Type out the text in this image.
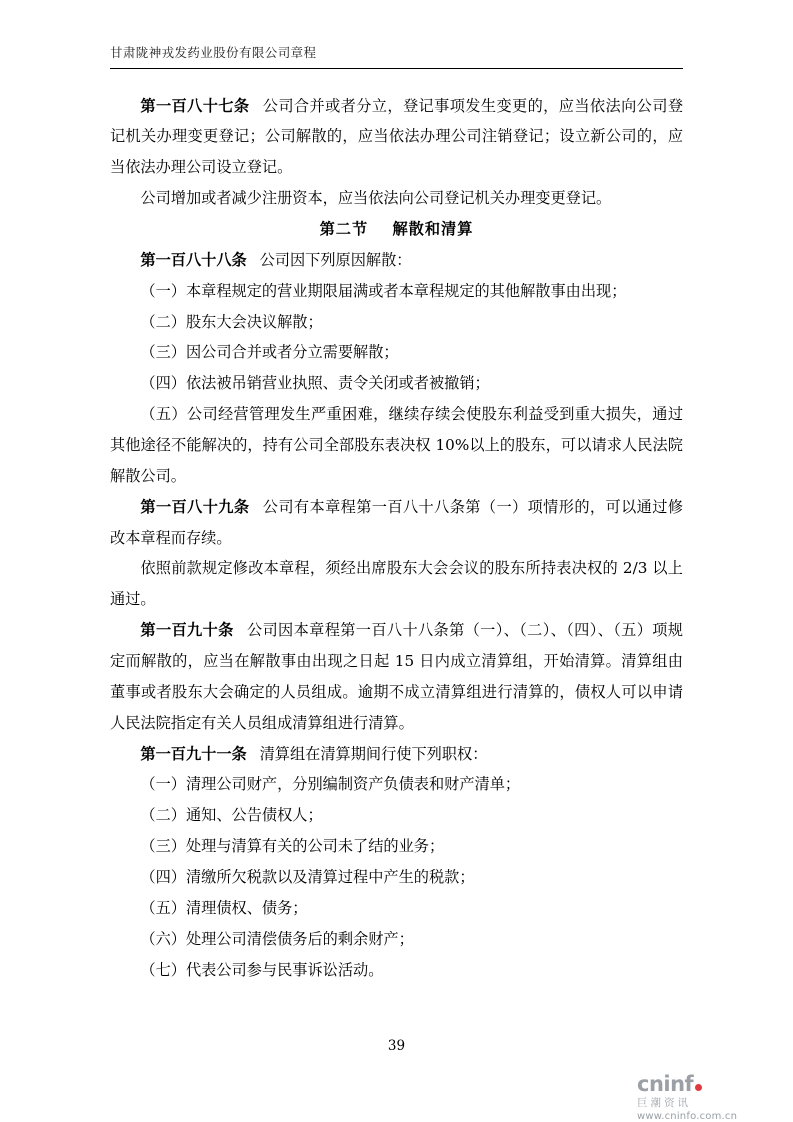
甘肃陇神戎发药业股份有限公司章程

第一百八十七条 公司合并或者分立，登记事项发生变更的，应当依法向公司登记机关办理变更登记；公司解散的，应当依法办理公司注销登记；设立新公司的，应当依法办理公司设立登记。

公司增加或者减少注册资本，应当依法向公司登记机关办理变更登记。

第二节 解散和清算

第一百八十八条 公司因下列原因解散：

（一）本章程规定的营业期限届满或者本章程规定的其他解散事由出现；

（二）股东大会决议解散；

（三）因公司合并或者分立需要解散；

（四）依法被吊销营业执照、责令关闭或者被撤销；

（五）公司经营管理发生严重困难，继续存续会使股东利益受到重大损失，通过其他途径不能解决的，持有公司全部股东表决权 10%以上的股东，可以请求人民法院解散公司。

第一百八十九条 公司有本章程第一百八十八条第（一）项情形的，可以通过修改本章程而存续。

依照前款规定修改本章程，须经出席股东大会会议的股东所持表决权的 2/3 以上通过。

第一百九十条 公司因本章程第一百八十八条第（一）、（二）、（四）、（五）项规定而解散的，应当在解散事由出现之日起 15 日内成立清算组，开始清算。清算组由董事或者股东大会确定的人员组成。逾期不成立清算组进行清算的，债权人可以申请人民法院指定有关人员组成清算组进行清算。

第一百九十一条 清算组在清算期间行使下列职权：

（一）清理公司财产，分别编制资产负债表和财产清单；

（二）通知、公告债权人；

（三）处理与清算有关的公司未了结的业务；

（四）清缴所欠税款以及清算过程中产生的税款；

（五）清理债权、债务；

（六）处理公司清偿债务后的剩余财产；

（七）代表公司参与民事诉讼活动。

39
cninf
巨潮资讯
www.cninfo.com.cn
